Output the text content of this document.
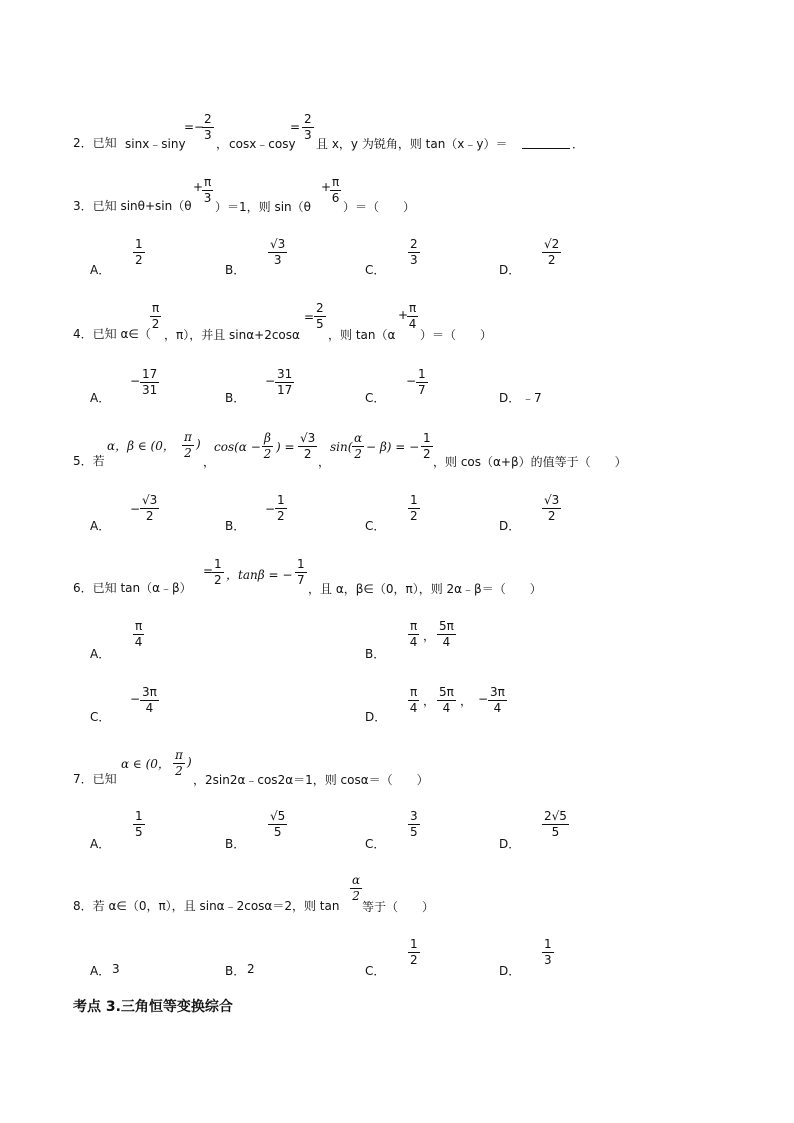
2．已知 sinx﹣siny
=−
$\frac{2}{3}$
， cosx﹣cosy
= $\frac{2}{3}$
且 x，y 为锐角，则 tan（x﹣y）＝	．
3．已知 sinθ+sin（θ
+
$\frac{\pi}{3}$
）＝1，则 sin（θ
+
$\frac{\pi}{6}$
）＝（　　）
A．
$\frac{1}{2}$
B．
$\frac{√3}{3}$
C．
$\frac{2}{3}$
D．
$\frac{√2}{2}$
4．已知 α∈（
$\frac{\pi}{2}$
，π），并且 sinα+2cosα
= $\frac{2}{5}$
，则 tan（α
+
$\frac{\pi}{4}$
）＝（　　）
A．
− $\frac{17}{31}$
B．
− $\frac{31}{17}$
C．
− $\frac{1}{7}$
D． ﹣7
5．若
α，β ∈ (0， $\frac{\pi}{2}$ )
，
$\cos(\alpha - \frac{\beta}{2}$ ) = $\frac{√3}{2}$
，
$\sin( \frac{\alpha}{2} - \beta)$ = − $\frac{1}{2}$
，则 cos（α+β）的值等于（　　）
A．
− $\frac{√3}{2}$
B．
− $\frac{1}{2}$
C．
$\frac{1}{2}$
D．
$\frac{√3}{2}$
6．已知 tan（α﹣β）
=
$\frac{1}{2}$ ，tanβ = − $\frac{1}{7}$
，且 α，β∈（0，π），则 2α﹣β＝（　　）
A．
$\frac{\pi}{4}$
B．
$\frac{\pi}{4}$ ， $\frac{5\pi}{4}$
C．
− $\frac{3\pi}{4}$
D．
$\frac{\pi}{4}$ ， $\frac{5\pi}{4}$ ， − $\frac{3\pi}{4}$
7．已知
α ∈ (0， $\frac{\pi}{2}$ )
，2sin2α﹣cos2α＝1，则 cosα＝（　　）
A．
$\frac{1}{5}$
B．
$\frac{√5}{5}$
C．
$\frac{3}{5}$
D．
$\frac{2√5}{5}$
8．若 α∈（0，π），且 sinα﹣2cosα＝2，则 tan
$\frac{\alpha}{2}$
等于（　　）
A． 3	B． 2	C．
$\frac{1}{2}$
D．
$\frac{1}{3}$
考点 3.三角恒等变换综合
